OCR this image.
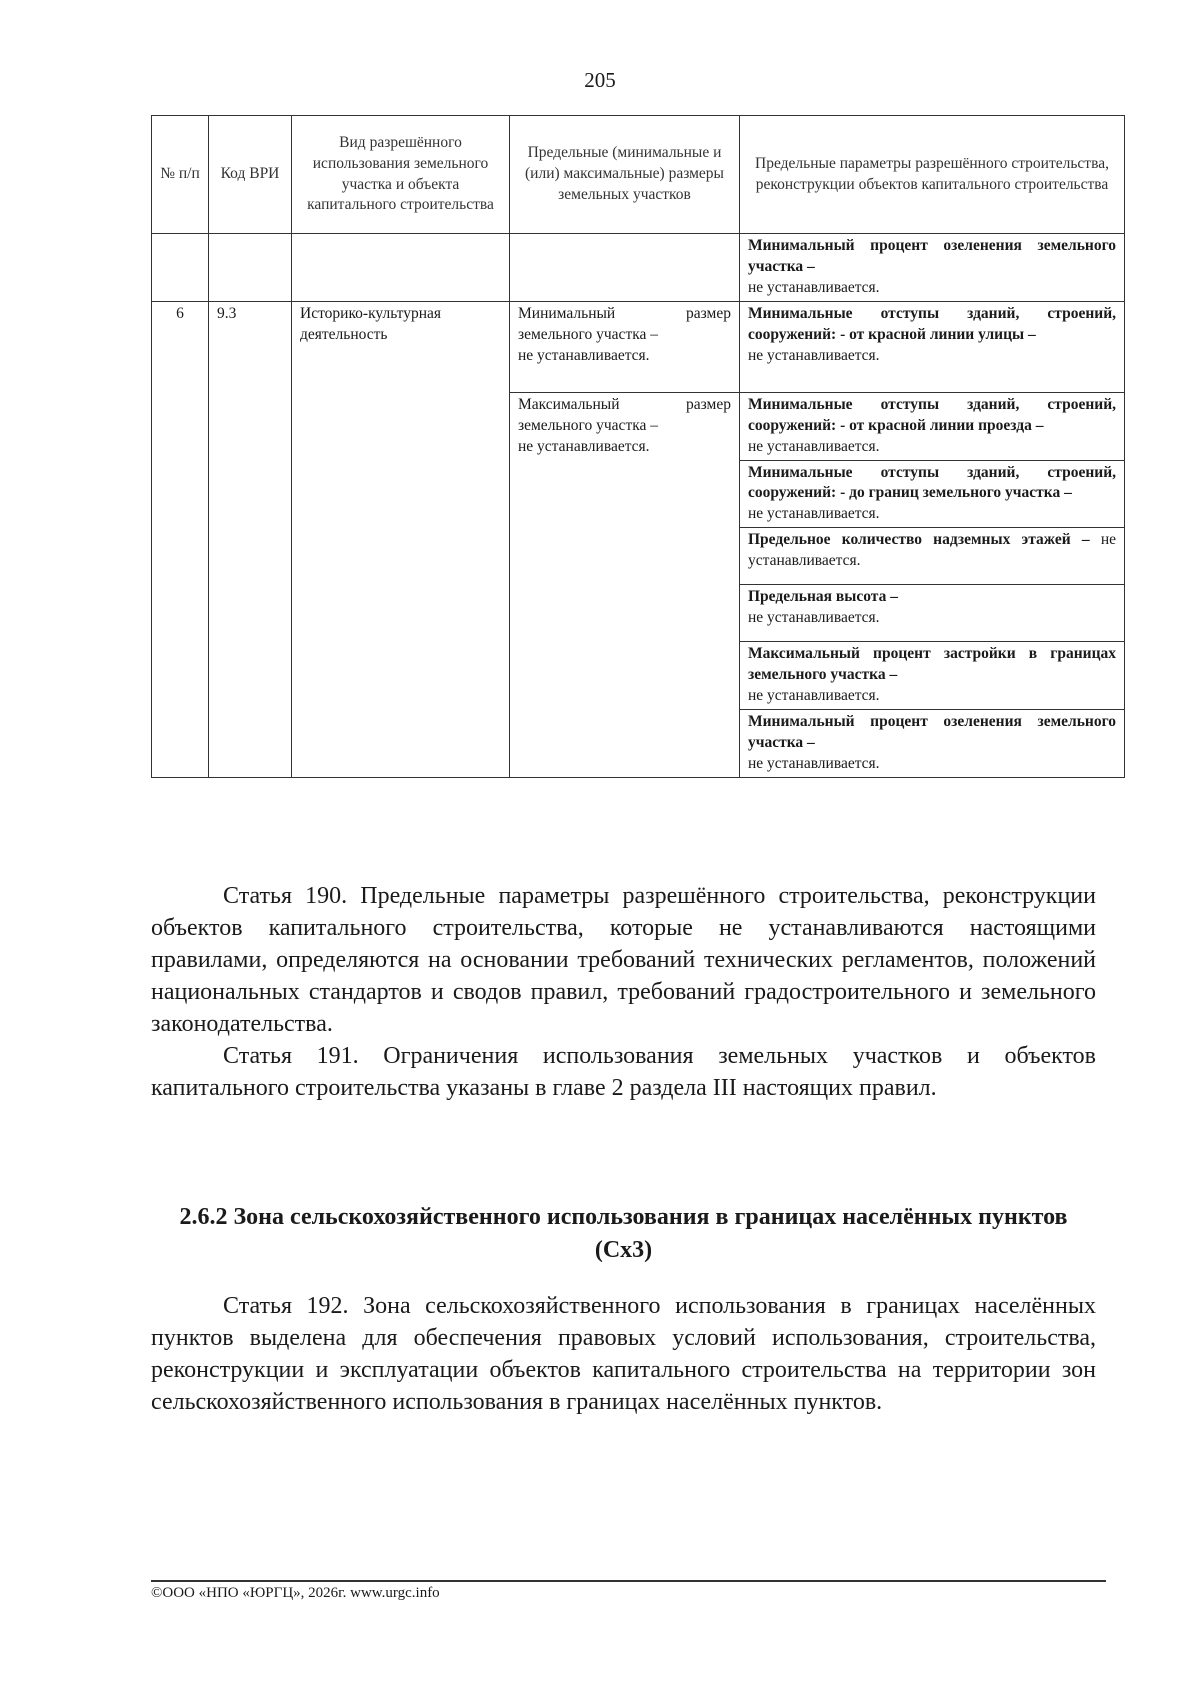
205
№ п/п	Код ВРИ	Вид разрешённого использования земельного участка и объекта капитального строительства	Предельные (минимальные и (или) максимальные) размеры земельных участков	Предельные параметры разрешённого строительства, реконструкции объектов капитального строительства
				Минимальный процент озеленения земельного участка –
не устанавливается.
6	9.3	Историко-культурная деятельность	Минимальный размер земельного участка –
не устанавливается.	Минимальные отступы зданий, строений, сооружений: - от красной линии улицы –
не устанавливается.
			Максимальный размер земельного участка –
не устанавливается.	Минимальные отступы зданий, строений, сооружений: - от красной линии проезда –
не устанавливается.
				Минимальные отступы зданий, строений, сооружений: - до границ земельного участка –
не устанавливается.
				Предельное количество надземных этажей – не устанавливается.
				Предельная высота –
не устанавливается.
				Максимальный процент застройки в границах земельного участка –
не устанавливается.
				Минимальный процент озеленения земельного участка –
не устанавливается.

Статья 190. Предельные параметры разрешённого строительства, реконструкции объектов капитального строительства, которые не устанавливаются настоящими правилами, определяются на основании требований технических регламентов, положений национальных стандартов и сводов правил, требований градостроительного и земельного законодательства.

Статья 191. Ограничения использования земельных участков и объектов капитального строительства указаны в главе 2 раздела III настоящих правил.

2.6.2 Зона сельскохозяйственного использования в границах населённых пунктов (Сх3)

Статья 192. Зона сельскохозяйственного использования в границах населённых пунктов выделена для обеспечения правовых условий использования, строительства, реконструкции и эксплуатации объектов капитального строительства на территории зон сельскохозяйственного использования в границах населённых пунктов.

©ООО «НПО «ЮРГЦ», 2026г. www.urgc.info
